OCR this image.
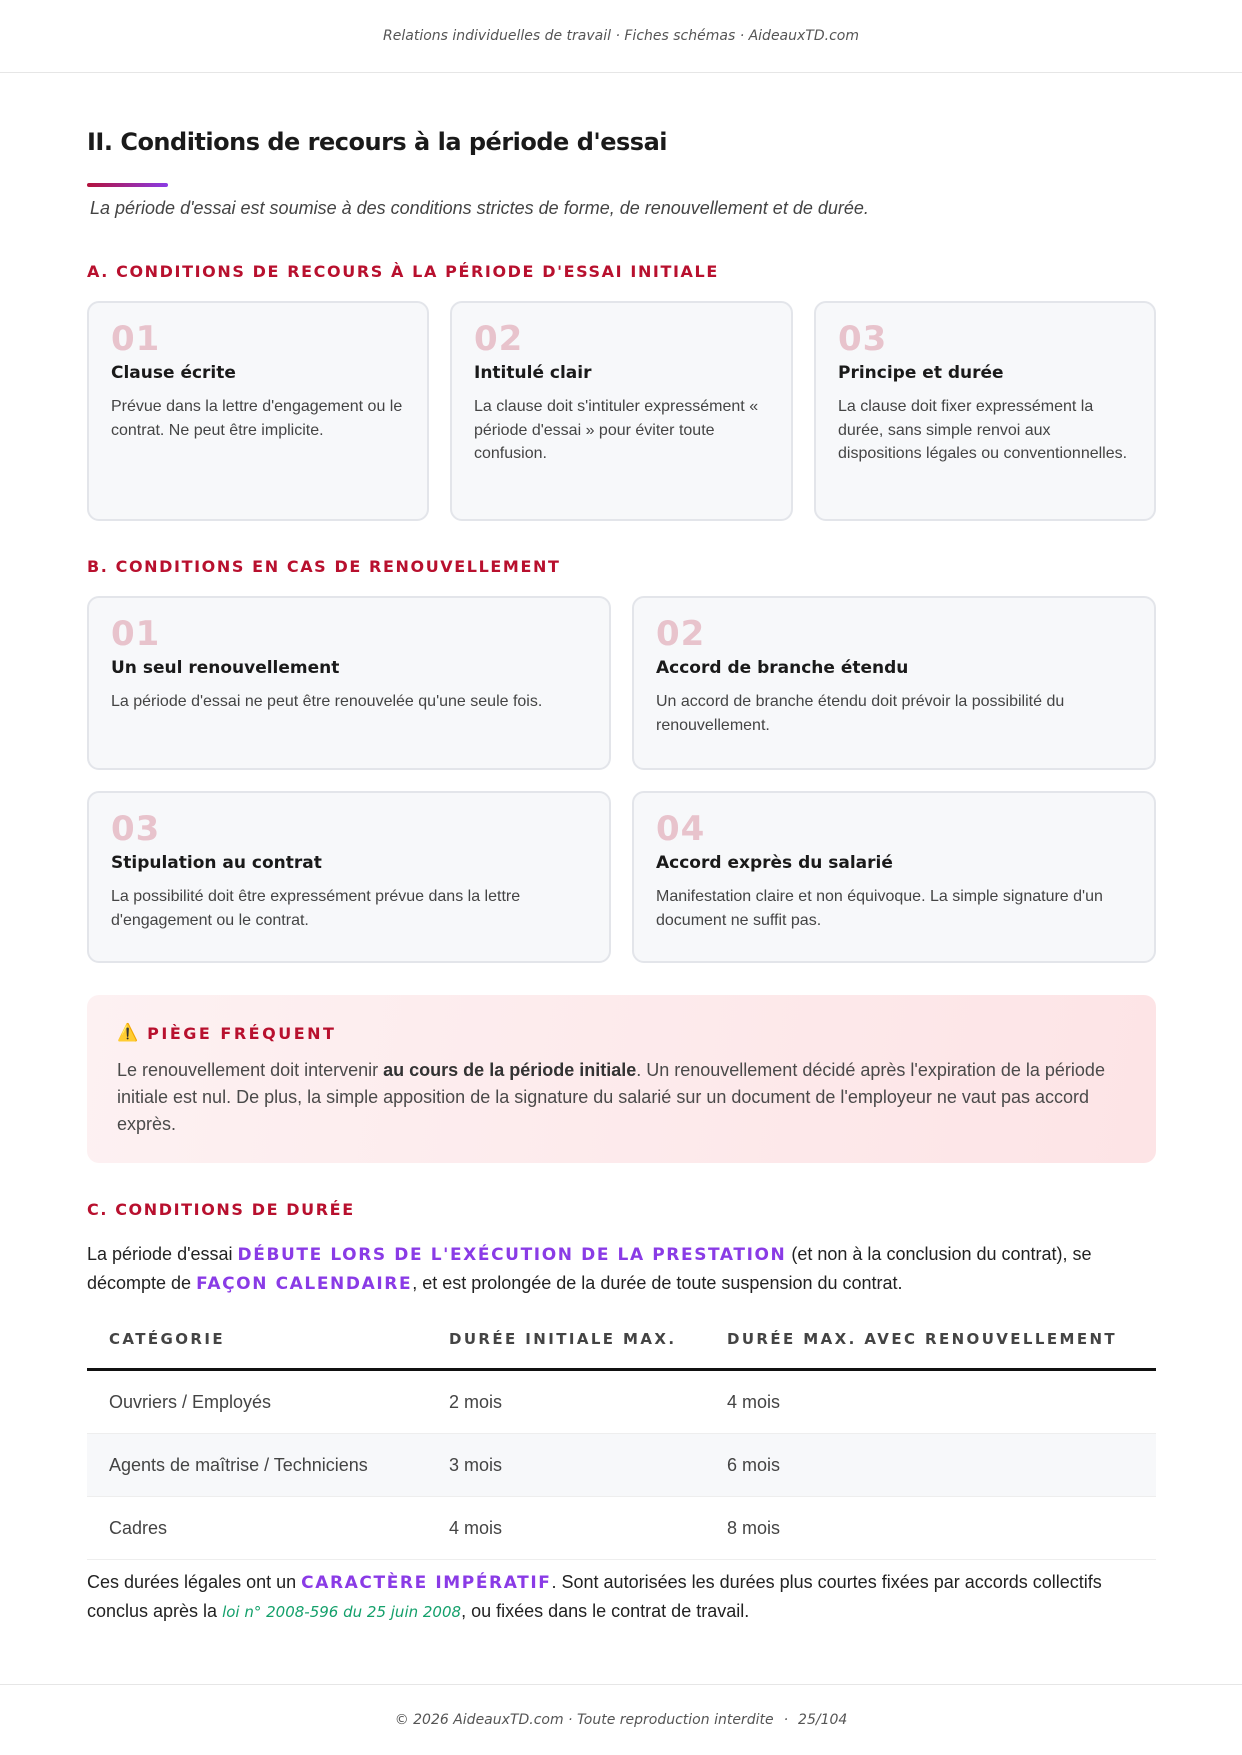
Relations individuelles de travail · Fiches schémas · AideauxTD.com
II. Conditions de recours à la période d'essai

La période d'essai est soumise à des conditions strictes de forme, de renouvellement et de durée.

A. CONDITIONS DE RECOURS À LA PÉRIODE D'ESSAI INITIALE
01
Clause écrite
Prévue dans la lettre d'engagement ou le contrat. Ne peut être implicite.
02
Intitulé clair
La clause doit s'intituler expressément « période d'essai » pour éviter toute confusion.
03
Principe et durée
La clause doit fixer expressément la durée, sans simple renvoi aux dispositions légales ou conventionnelles.
B. CONDITIONS EN CAS DE RENOUVELLEMENT
01
Un seul renouvellement
La période d'essai ne peut être renouvelée qu'une seule fois.
02
Accord de branche étendu
Un accord de branche étendu doit prévoir la possibilité du renouvellement.
03
Stipulation au contrat
La possibilité doit être expressément prévue dans la lettre d'engagement ou le contrat.
04
Accord exprès du salarié
Manifestation claire et non équivoque. La simple signature d'un document ne suffit pas.
⚠️ PIÈGE FRÉQUENT
Le renouvellement doit intervenir au cours de la période initiale. Un renouvellement décidé après l'expiration de la période initiale est nul. De plus, la simple apposition de la signature du salarié sur un document de l'employeur ne vaut pas accord exprès.
C. CONDITIONS DE DURÉE

La période d'essai DÉBUTE LORS DE L'EXÉCUTION DE LA PRESTATION (et non à la conclusion du contrat), se décompte de FAÇON CALENDAIRE, et est prolongée de la durée de toute suspension du contrat.

CATÉGORIE	DURÉE INITIALE MAX.	DURÉE MAX. AVEC RENOUVELLEMENT
Ouvriers / Employés	2 mois	4 mois
Agents de maîtrise / Techniciens	3 mois	6 mois
Cadres	4 mois	8 mois

Ces durées légales ont un CARACTÈRE IMPÉRATIF. Sont autorisées les durées plus courtes fixées par accords collectifs conclus après la loi n° 2008-596 du 25 juin 2008, ou fixées dans le contrat de travail.

© 2026 AideauxTD.com · Toute reproduction interdite · 25/104
